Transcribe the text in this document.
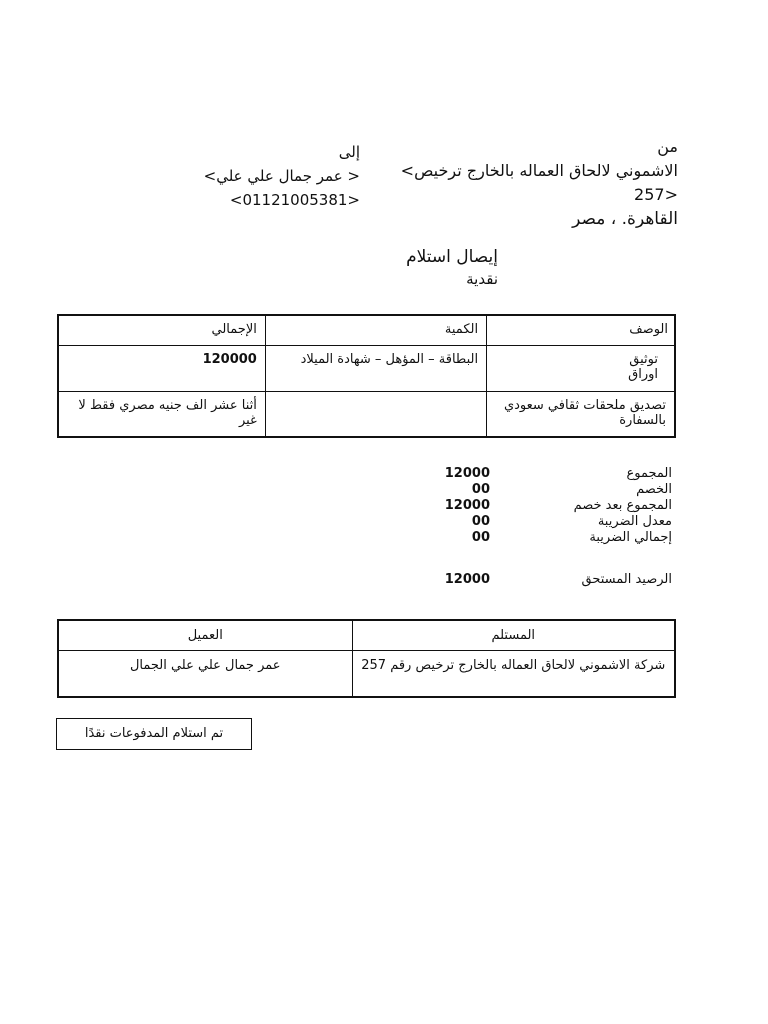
من
<الاشموني لالحاق العماله بالخارج ترخيص
257>
القاهرة. ، مصر
إلى
<عمر جمال علي علي >
<01121005381>
إيصال استلام
نقدية
الإجمالي	الكمية	الوصف
120000	البطاقة – المؤهل – شهادة الميلاد	توثيق
اوراق
أثنا عشر الف جنيه مصري فقط لا غير		تصديق ملحقات ثقافي سعودي بالسفارة
المجموع
12000
الخصم
00
المجموع بعد خصم
12000
معدل الضريبة
00
إجمالي الضريبة
00
الرصيد المستحق
12000
العميل	المستلم
عمر جمال علي علي الجمال	شركة الاشموني لالحاق العماله بالخارج ترخيص رقم 257
تم استلام المدفوعات نقدًا
